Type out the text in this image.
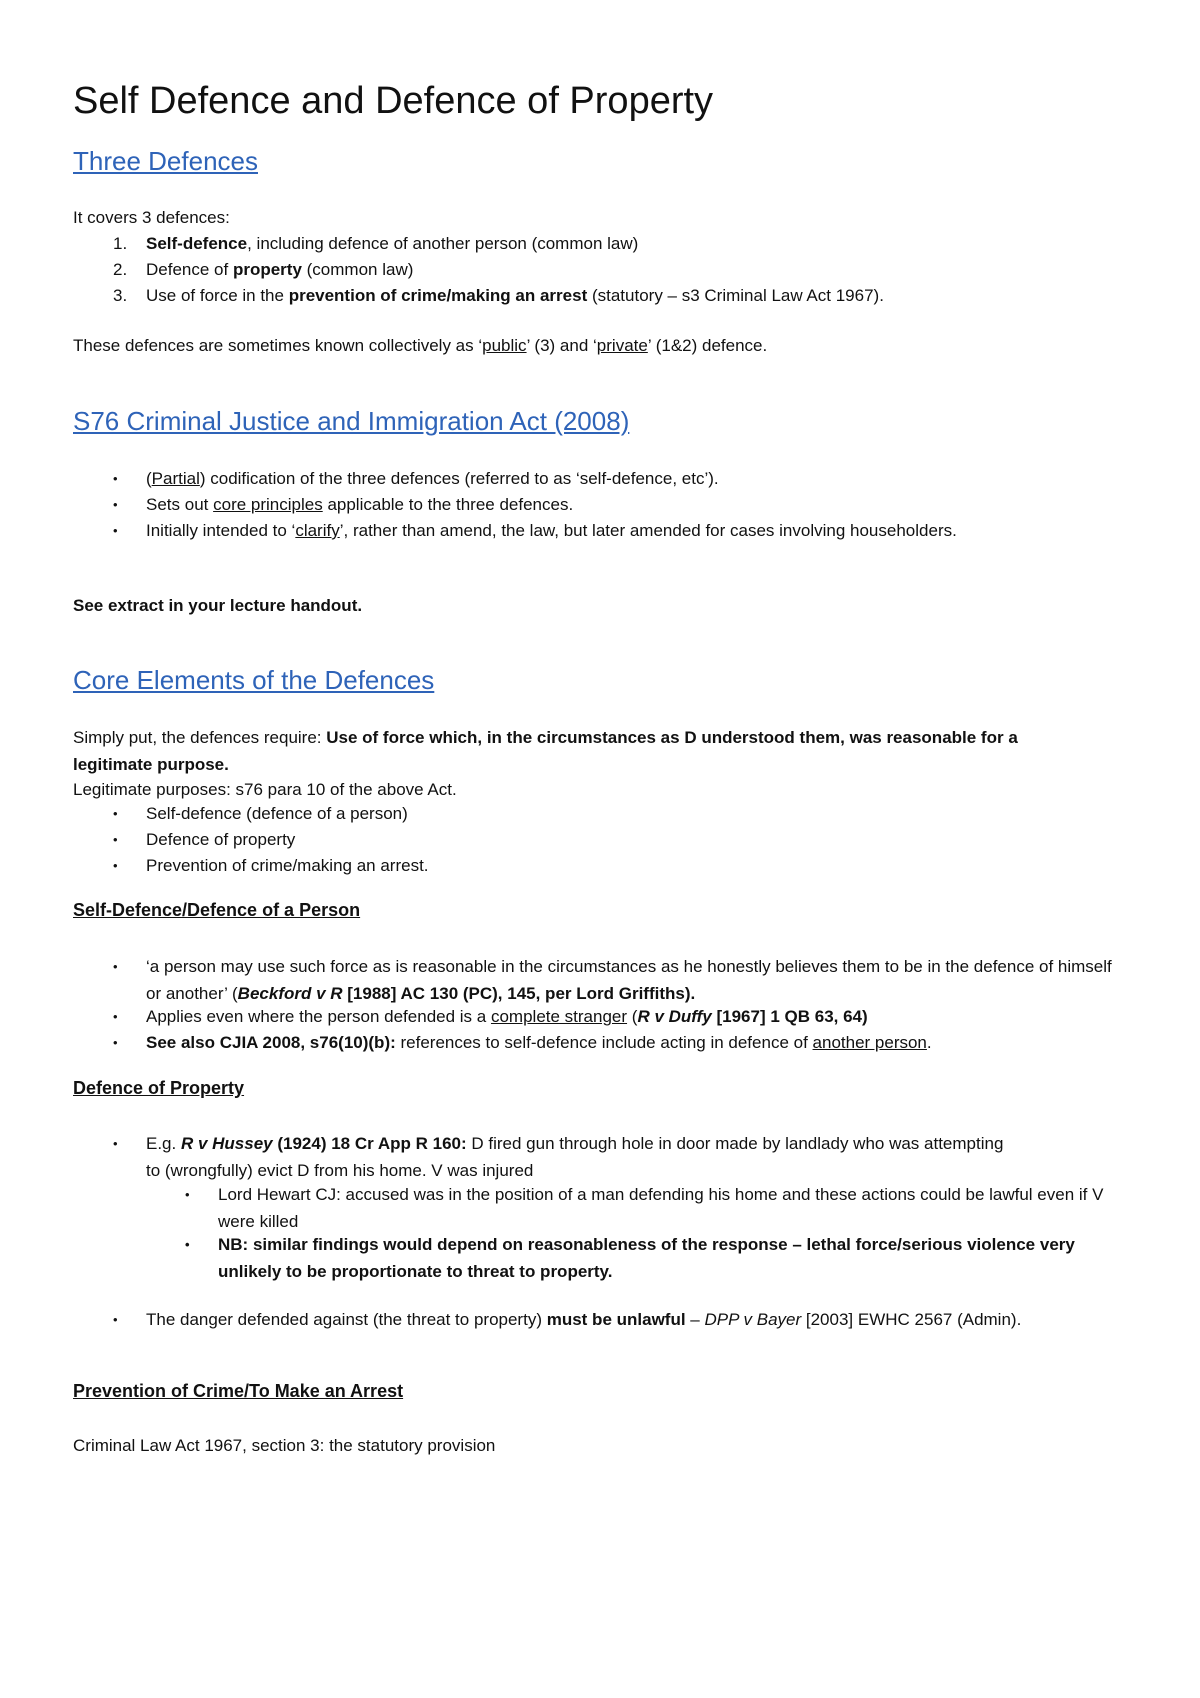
Self Defence and Defence of Property
Three Defences

It covers 3 defences:

1. Self-defence, including defence of another person (common law)
2. Defence of property (common law)
3. Use of force in the prevention of crime/making an arrest (statutory – s3 Criminal Law Act 1967).

These defences are sometimes known collectively as ‘public’ (3) and ‘private’ (1&2) defence.

S76 Criminal Justice and Immigration Act (2008)
• (Partial) codification of the three defences (referred to as ‘self-defence, etc’).
• Sets out core principles applicable to the three defences.
• Initially intended to ‘clarify’, rather than amend, the law, but later amended for cases involving householders.

See extract in your lecture handout.

Core Elements of the Defences

Simply put, the defences require: Use of force which, in the circumstances as D understood them, was reasonable for a legitimate purpose.

Legitimate purposes: s76 para 10 of the above Act.

• Self-defence (defence of a person)
• Defence of property
• Prevention of crime/making an arrest.
Self-Defence/Defence of a Person
• ‘a person may use such force as is reasonable in the circumstances as he honestly believes them to be in the defence of himself or another’ (Beckford v R [1988] AC 130 (PC), 145, per Lord Griffiths).
• Applies even where the person defended is a complete stranger (R v Duffy [1967] 1 QB 63, 64)
• See also CJIA 2008, s76(10)(b): references to self-defence include acting in defence of another person.
Defence of Property
• E.g. R v Hussey (1924) 18 Cr App R 160: D fired gun through hole in door made by landlady who was attempting to (wrongfully) evict D from his home. V was injured
• Lord Hewart CJ: accused was in the position of a man defending his home and these actions could be lawful even if V were killed
• NB: similar findings would depend on reasonableness of the response – lethal force/serious violence very unlikely to be proportionate to threat to property.
• The danger defended against (the threat to property) must be unlawful – DPP v Bayer [2003] EWHC 2567 (Admin).
Prevention of Crime/To Make an Arrest

Criminal Law Act 1967, section 3: the statutory provision
